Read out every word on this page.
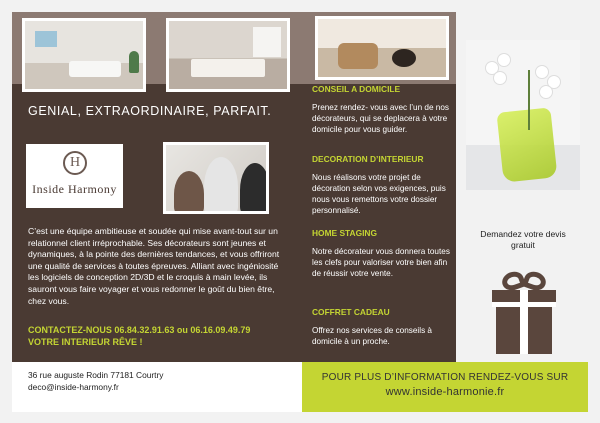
GENIAL, EXTRAORDINAIRE, PARFAIT.
H
Inside Harmony
C’est une équipe ambitieuse et soudée qui mise avant-tout sur un relationnel client irréprochable. Ses décorateurs sont jeunes et dynamiques, à la pointe des dernières tendances, et vous offriront une qualité de services à toutes épreuves. Alliant avec ingéniosité les logiciels de conception 2D/3D et le croquis à main levée, ils sauront vous faire voyager et vous redonner le goût du bien être, chez vous.
CONTACTEZ-NOUS 06.84.32.91.63 ou 06.16.09.49.79
VOTRE INTERIEUR RÊVE !
CONSEIL A DOMICILE
Prenez rendez- vous avec l’un de nos décorateurs, qui se deplacera à votre domicile pour vous guider.
DECORATION D’INTERIEUR
Nous réalisons votre projet de décoration selon vos exigences, puis nous vous remettons votre dossier personnalisé.
HOME STAGING
Notre décorateur vous donnera toutes les clefs pour valoriser votre bien afin de réussir votre vente.
COFFRET CADEAU
Offrez nos services de conseils à domicile à un proche.
Demandez votre devis
gratuit
36 rue auguste Rodin 77181 Courtry
deco@inside-harmony.fr
POUR PLUS D’INFORMATION RENDEZ-VOUS SUR
www.inside-harmonie.fr
